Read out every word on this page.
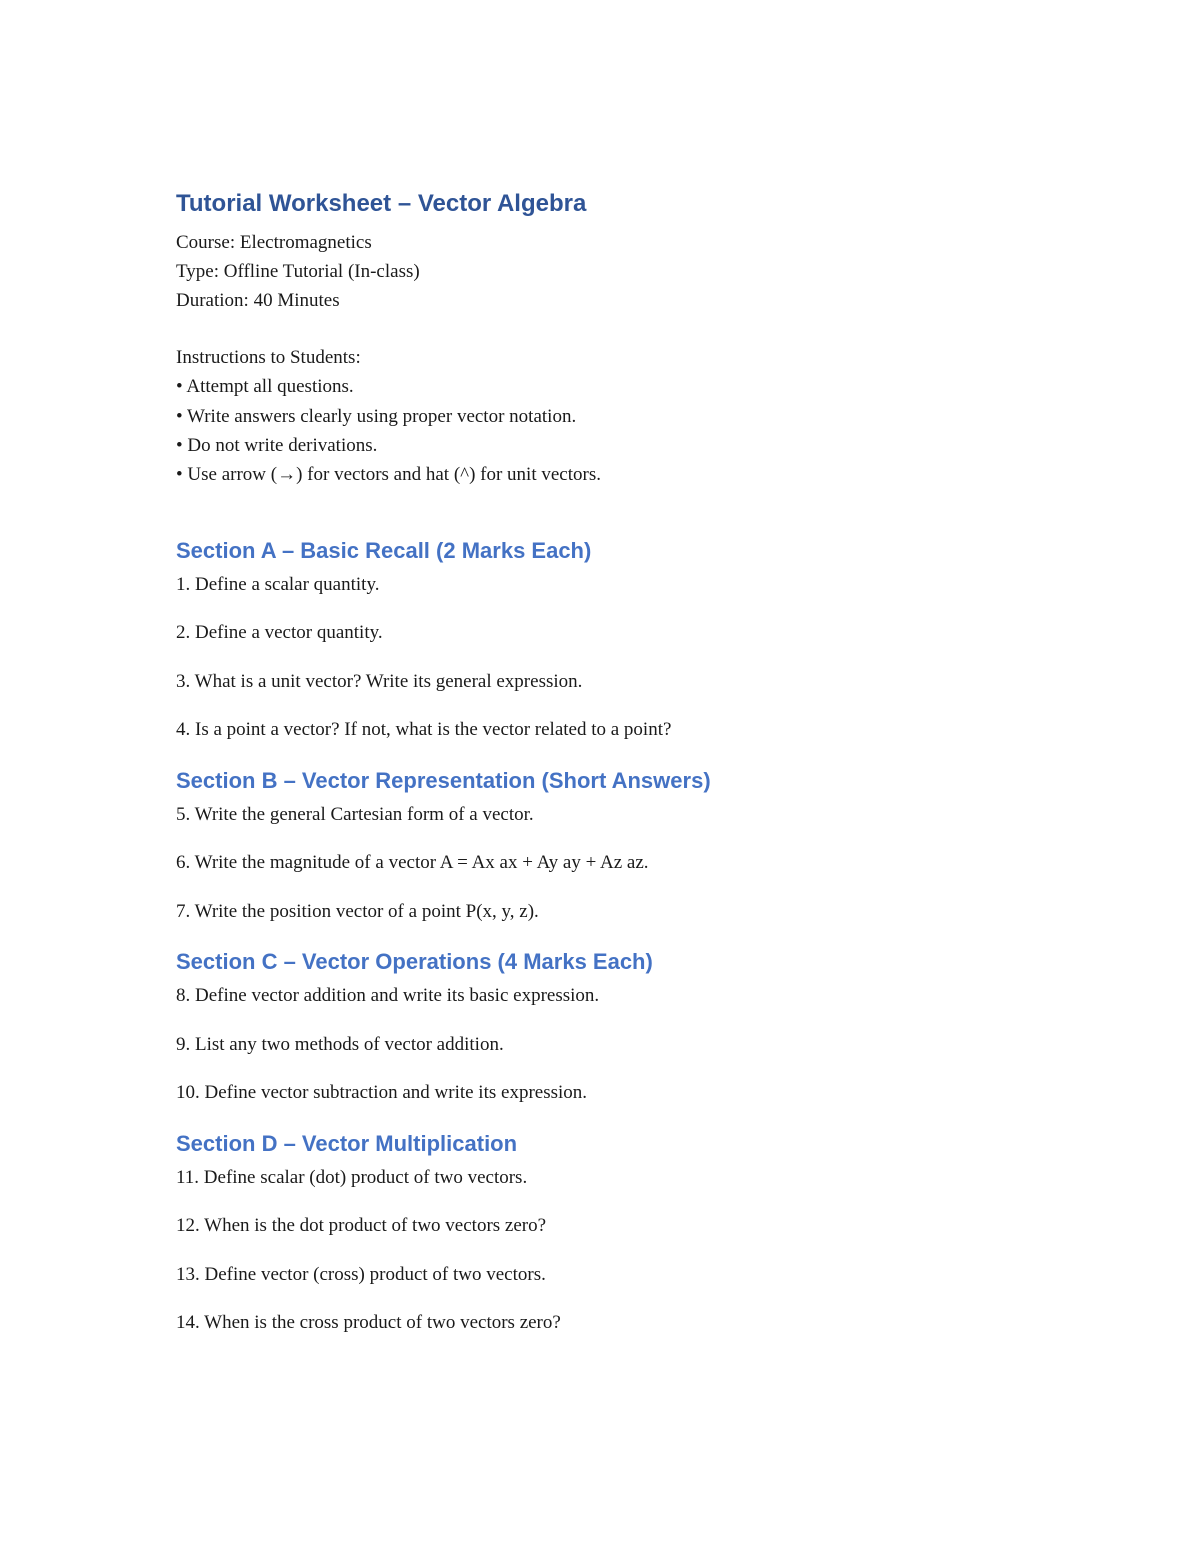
Tutorial Worksheet – Vector Algebra
Course: Electromagnetics
Type: Offline Tutorial (In-class)
Duration: 40 Minutes
Instructions to Students:
• Attempt all questions.
• Write answers clearly using proper vector notation.
• Do not write derivations.
• Use arrow (→) for vectors and hat (^) for unit vectors.
Section A – Basic Recall (2 Marks Each)
1. Define a scalar quantity.
2. Define a vector quantity.
3. What is a unit vector? Write its general expression.
4. Is a point a vector? If not, what is the vector related to a point?
Section B – Vector Representation (Short Answers)
5. Write the general Cartesian form of a vector.
6. Write the magnitude of a vector A = Ax ax + Ay ay + Az az.
7. Write the position vector of a point P(x, y, z).
Section C – Vector Operations (4 Marks Each)
8. Define vector addition and write its basic expression.
9. List any two methods of vector addition.
10. Define vector subtraction and write its expression.
Section D – Vector Multiplication
11. Define scalar (dot) product of two vectors.
12. When is the dot product of two vectors zero?
13. Define vector (cross) product of two vectors.
14. When is the cross product of two vectors zero?
